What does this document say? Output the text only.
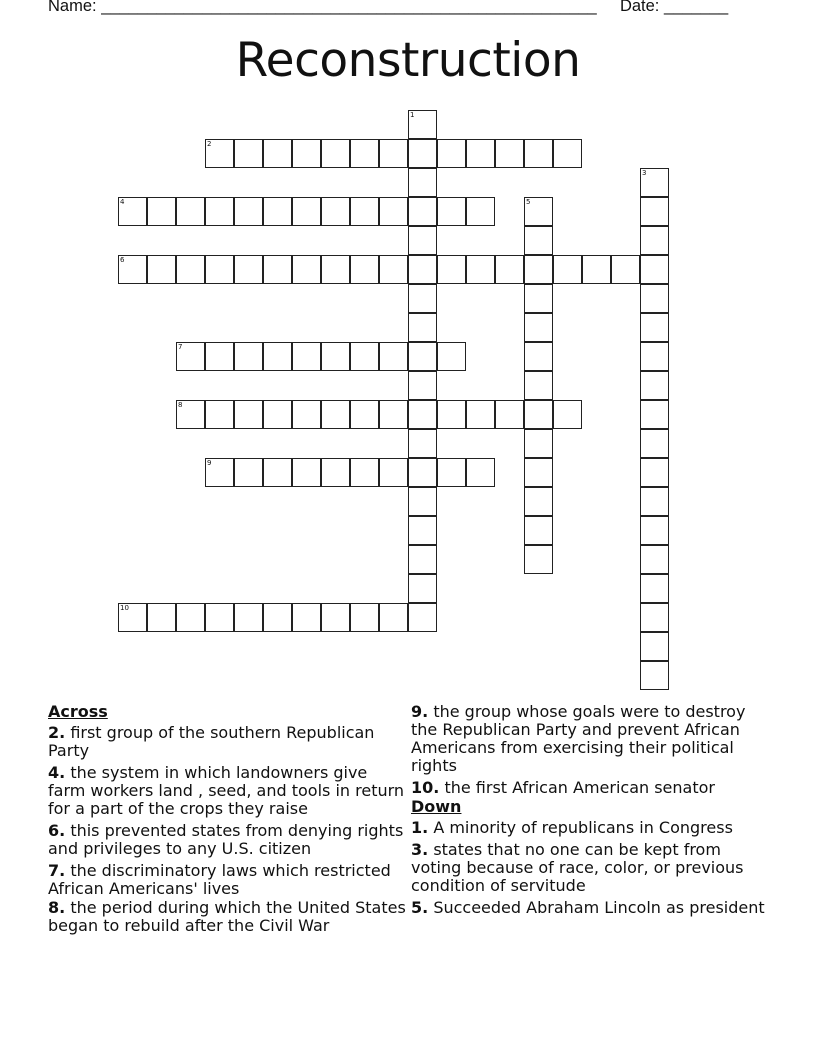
Name: ______________________________________________________ Date: _______
Reconstruction
1
2
3
4	5
6
7
8
9
10
Across
2. first group of the southern Republican Party
4. the system in which landowners give farm workers land , seed, and tools in return for a part of the crops they raise
6. this prevented states from denying rights and privileges to any U.S. citizen
7. the discriminatory laws which restricted African Americans' lives
8. the period during which the United States began to rebuild after the Civil War
9. the group whose goals were to destroy the Republican Party and prevent African Americans from exercising their political rights
10. the first African American senator
Down
1. A minority of republicans in Congress
3. states that no one can be kept from voting because of race, color, or previous condition of servitude
5. Succeeded Abraham Lincoln as president
